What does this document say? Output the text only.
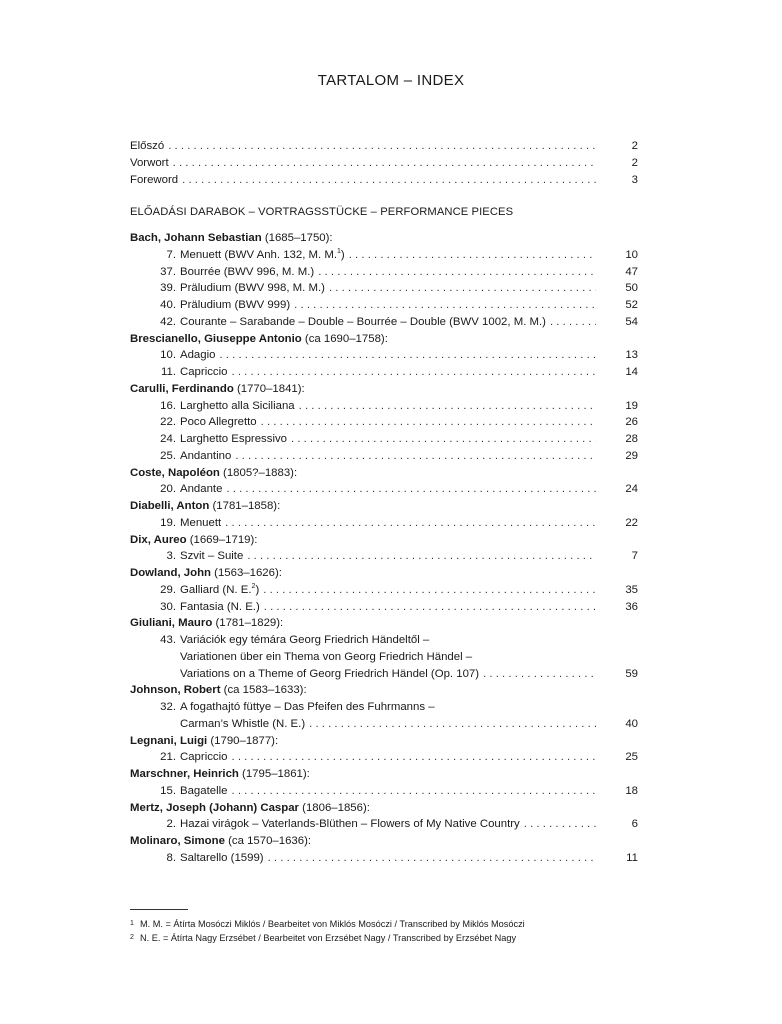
TARTALOM – INDEX
Előszó . . .	2
Vorwort . . .	2
Foreword . . .	3
ELŐADÁSI DARABOK – VORTRAGSSTÜCKE – PERFORMANCE PIECES
Bach, Johann Sebastian (1685–1750):
7. Menuett (BWV Anh. 132, M. M.$^1$) . . .	10
37. Bourrée (BWV 996, M. M.) . . .	47
39. Präludium (BWV 998, M. M.) . . .	50
40. Präludium (BWV 999) . . .	52
42. Courante – Sarabande – Double – Bourrée – Double (BWV 1002, M. M.) . . .	54
Brescianello, Giuseppe Antonio (ca 1690–1758):
10. Adagio . . .	13
11. Capriccio . . .	14
Carulli, Ferdinando (1770–1841):
16. Larghetto alla Siciliana . . .	19
22. Poco Allegretto . . .	26
24. Larghetto Espressivo . . .	28
25. Andantino . . .	29
Coste, Napoléon (1805?–1883):
20. Andante . . .	24
Diabelli, Anton (1781–1858):
19. Menuett . . .	22
Dix, Aureo (1669–1719):
3. Szvit – Suite . . .	7
Dowland, John (1563–1626):
29. Galliard (N. E.$^2$) . . .	35
30. Fantasia (N. E.) . . .	36
Giuliani, Mauro (1781–1829):
43. Variációk egy témára Georg Friedrich Händeltől –
Variationen über ein Thema von Georg Friedrich Händel –
Variations on a Theme of Georg Friedrich Händel (Op. 107) . . .	59
Johnson, Robert (ca 1583–1633):
32. A fogathajtó füttye – Das Pfeifen des Fuhrmanns –
Carman’s Whistle (N. E.) . . .	40
Legnani, Luigi (1790–1877):
21. Capriccio . . .	25
Marschner, Heinrich (1795–1861):
15. Bagatelle . . .	18
Mertz, Joseph (Johann) Caspar (1806–1856):
2. Hazai virágok – Vaterlands-Blüthen – Flowers of My Native Country . . .	6
Molinaro, Simone (ca 1570–1636):
8. Saltarello (1599) . . .	11
1 M. M. = Átírta Mosóczi Miklós / Bearbeitet von Miklós Mosóczi / Transcribed by Miklós Mosóczi
2 N. E. = Átírta Nagy Erzsébet / Bearbeitet von Erzsébet Nagy / Transcribed by Erzsébet Nagy
